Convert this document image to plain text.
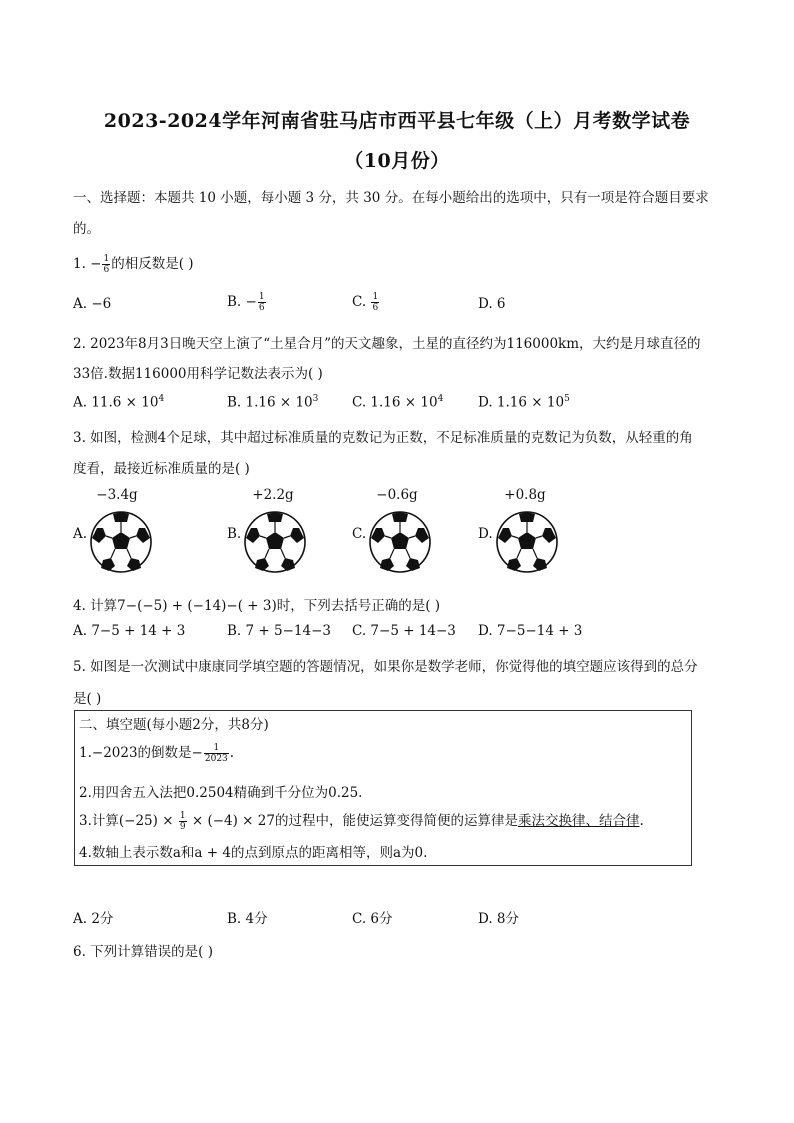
2023-2024学年河南省驻马店市西平县七年级（上）月考数学试卷
（10月份）
一、选择题：本题共 10 小题，每小题 3 分，共 30 分。在每小题给出的选项中，只有一项是符合题目要求
的。
1. − $\frac{1}{6}$ 的相反数是( )
A. −6	B. − $\frac{1}{6}$	C. $\frac{1}{6}$	D. 6
2. 2023年8月3日晚天空上演了“土星合月”的天文趣象，土星的直径约为116000km，大约是月球直径的
33倍.数据116000用科学记数法表示为( )
A. $11.6 \times 10^4$	B. $1.16 \times 10^3$ C. $1.16 \times 10^4$	D. $1.16 \times 10^5$
3. 如图，检测4个足球，其中超过标准质量的克数记为正数，不足标准质量的克数记为负数，从轻重的角
度看，最接近标准质量的是( )
−3.4g
A.
+2.2g
B.
−0.6g
C.
+0.8g
D.
4. 计算7−(−5) + (−14)−( + 3)时，下列去括号正确的是( )
A. 7−5 + 14 + 3	B. 7 + 5−14−3 C. 7−5 + 14−3 D. 7−5−14 + 3
5. 如图是一次测试中康康同学填空题的答题情况，如果你是数学老师，你觉得他的填空题应该得到的总分
是( )
二、填空题(每小题2分，共8分)
1.−2023的倒数是− $\frac{1}{2023}$ .
2.用四舍五入法把0.2504精确到千分位为0.25.
3.计算$(-25) \times \frac{1}{9} \times (-4) \times 27$的过程中，能使运算变得简便的运算律是乘法交换律、结合律.
4.数轴上表示数a和a + 4的点到原点的距离相等，则a为0.
A. 2分	B. 4分	C. 6分	D. 8分
6. 下列计算错误的是( )
